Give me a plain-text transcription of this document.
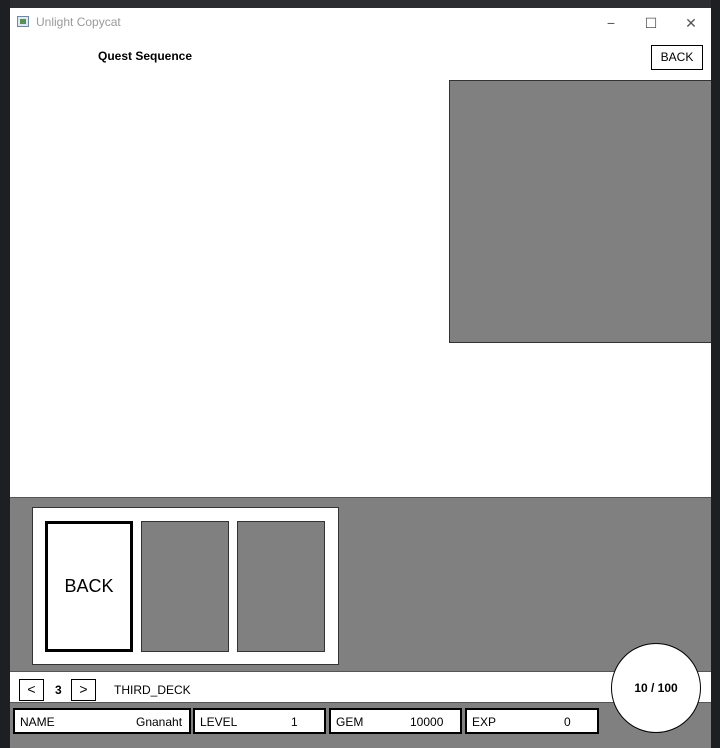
Unlight Copycat	−	☐	✕
Quest Sequence	BACK
BACK
<	3	>	THIRD_DECK
NAME	Gnanaht LEVEL	1	GEM	10000 EXP	0
10 / 100
